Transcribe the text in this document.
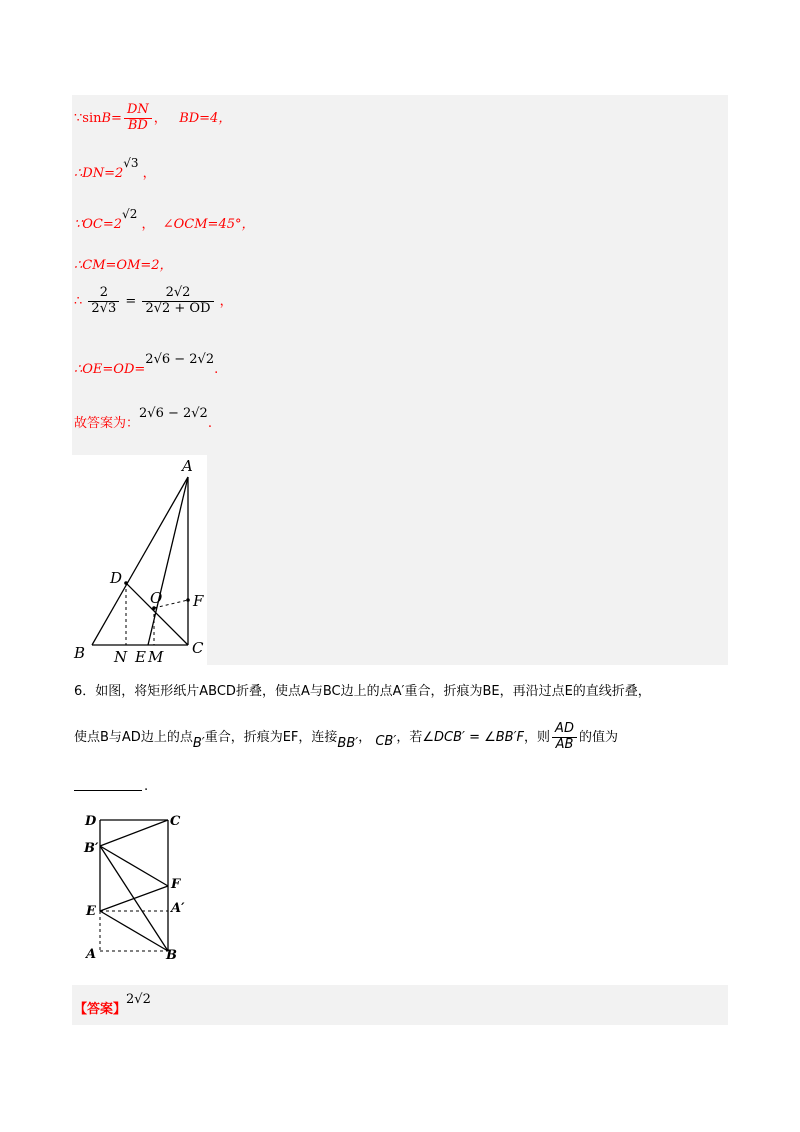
∵sinB= $\frac{DN}{BD}$ ， BD=4，
∴DN=2√3 ，
∵OC=2√2 ， ∠OCM=45°，
∴CM=OM=2，
∴ $\frac{2}{2√3} = \frac{2√2}{2√2 + OD}$ ，
∴OE=OD=2√6 − 2√2.
故答案为：2√6 − 2√2.
A
B	C
D
O F
N E M
6．如图，将矩形纸片ABCD折叠，使点A与BC边上的点A′重合，折痕为BE，再沿过点E的直线折叠，
使点B与AD边上的点B′重合，折痕为EF，连接BB′， CB′，若∠DCB′ = ∠BB′F，则 $\frac{AD}{AB}$ 的值为
.
D	C
B′
F
E	A′
A	B
【答案】2√2
